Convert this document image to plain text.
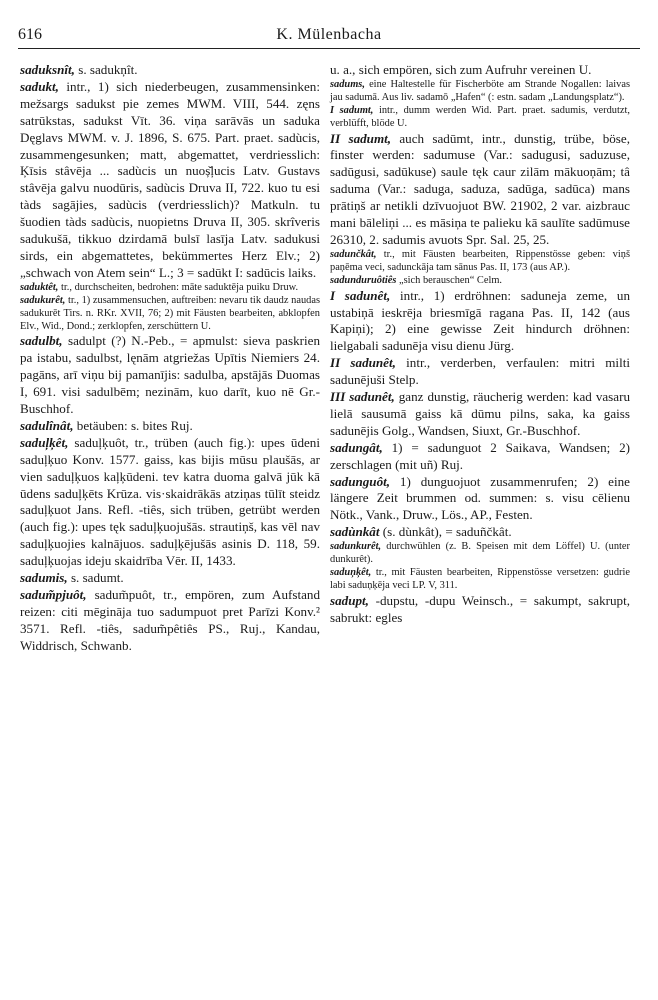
616	K. Mülenbacha

saduksnît, s. sadukņît.

sadukt, intr., 1) sich niederbeugen, zusammensinken: mežsargs sadukst pie zemes MWM. VIII, 544. zęns satrūkstas, sadukst Vīt. 36. viņa sarāvās un saduka Dęglavs MWM. v. J. 1896, S. 675. Part. praet. sadùcis, zusammengesunken; matt, abgemattet, verdriesslich: Ķīsis stâvēja ... sadùcis un nuoș̌ļucis Latv. Gustavs stâvēja galvu nuodūris, sadùcis Druva II, 722. kuo tu esi tàds sagājies, sadùcis (verdriesslich)? Matkuln. tu šuodien tàds sadùcis, nuopietns Druva II, 305. skrîveris sadukušā, tikkuo dzirdamā bulsī lasīja Latv. sadukusi sirds, ein abgemattetes, bekümmertes Herz Elv.; 2) „schwach von Atem sein“ L.; 3 = sadūkt I: sadūcis laiks.

saduktêt, tr., durchscheiten, bedrohen: māte saduktēja puiku Druw.

sadukurêt, tr., 1) zusammensuchen, auftreiben: nevaru tik daudz naudas sadukurēt Tirs. n. RKr. XVII, 76; 2) mit Fäusten bearbeiten, abklopfen Elv., Wid., Dond.; zerklopfen, zerschüttern U.

sadulbt, sadulpt (?) N.-Peb., = apmulst: sieva paskrien pa istabu, sadulbst, lęnām atgriežas Upītis Niemiers 24. pagāns, arī viņu bij pamanījis: sadulba, apstājās Duomas I, 691. visi sadulbēm; nezinām, kuo darīt, kuo nē Gr.-Buschhof.

sadulînât, betäuben: s. bites Ruj.

saduļķêt, saduļķuôt, tr., trüben (auch fig.): upes ūdeni saduļķuo Konv. 1577. gaiss, kas bijis mūsu plaušās, ar vien saduļķuos kaļķūdeni. tev katra duoma galvā jūk kā ūdens saduļķēts Krūza. vis·skaidrākās atziņas tūlīt steidz saduļķuot Jans. Refl. -tiês, sich trüben, getrübt werden (auch fig.): upes tęk saduļķuojušās. strautiņš, kas vēl nav saduļķuojies kalnājuos. saduļķējušās asinis D. 118, 59. saduļķuojas ideju skaidrība Vēr. II, 1433.

sadumis, s. sadumt.

sadum̃pjuôt, sadum̃puôt, tr., empören, zum Aufstand reizen: citi mēgināja tuo sadumpuot pret Parīzi Konv.² 3571. Refl. -tiês, sadum̃pêtiês PS., Ruj., Kandau, Widdrisch, Schwanb.

u. a., sich empören, sich zum Aufruhr vereinen U.

sadums, eine Haltestelle für Fischerböte am Strande Nogallen: laivas jau sadumā. Aus liv. sadamō „Hafen“ (: estn. sadam „Landungsplatz“).

I sadumt, intr., dumm werden Wid. Part. praet. sadumis, verdutzt, verblüfft, blöde U.

II sadumt, auch sadūmt, intr., dunstig, trübe, böse, finster werden: sadumuse (Var.: sadugusi, saduzuse, sadūgusi, sadūkuse) saule tęk caur zilām mākuoņām; tâ saduma (Var.: saduga, saduza, sadūga, sadūca) mans prātiņš ar netikli dzīvuojuot BW. 21902, 2 var. aizbrauc mani bāleliņi ... es māsiņa te palieku kā saulīte sadūmuse 26310, 2. sadumis avuots Spr. Sal. 25, 25.

sadunčkât, tr., mit Fäusten bearbeiten, Rippenstösse geben: viņš paņēma veci, sadunckāja tam sānus Pas. II, 173 (aus AP.).

sadunduruôtiês „sich berauschen“ Celm.

I sadunêt, intr., 1) erdröhnen: saduneja zeme, un ustabiņā ieskrēja briesmīgā ragana Pas. II, 142 (aus Kapiņi); 2) eine gewisse Zeit hindurch dröhnen: lielgabali sadunēja visu dienu Jürg.

II sadunêt, intr., verderben, verfaulen: mitri milti sadunējuši Stelp.

III sadunêt, ganz dunstig, räucherig werden: kad vasaru lielā sausumā gaiss kā dūmu pilns, saka, ka gaiss sadunējis Golg., Wandsen, Siuxt, Gr.-Buschhof.

sadungât, 1) = sadunguot 2 Saikava, Wandsen; 2) zerschlagen (mit uñ) Ruj.

sadunguôt, 1) dunguojuot zusammenrufen; 2) eine längere Zeit brummen od. summen: s. visu cēlienu Nötk., Vank., Druw., Lös., AP., Festen.

sadùnkât (s. dùnkât), = saduñčkât.

sadunkurêt, durchwühlen (z. B. Speisen mit dem Löffel) U. (unter dunkurêt).

saduņķêt, tr., mit Fäusten bearbeiten, Rippenstösse versetzen: gudrie labi saduņķēja veci LP. V, 311.

sadupt, -dupstu, -dupu Weinsch., = sakumpt, sakrupt, sabrukt: egles
